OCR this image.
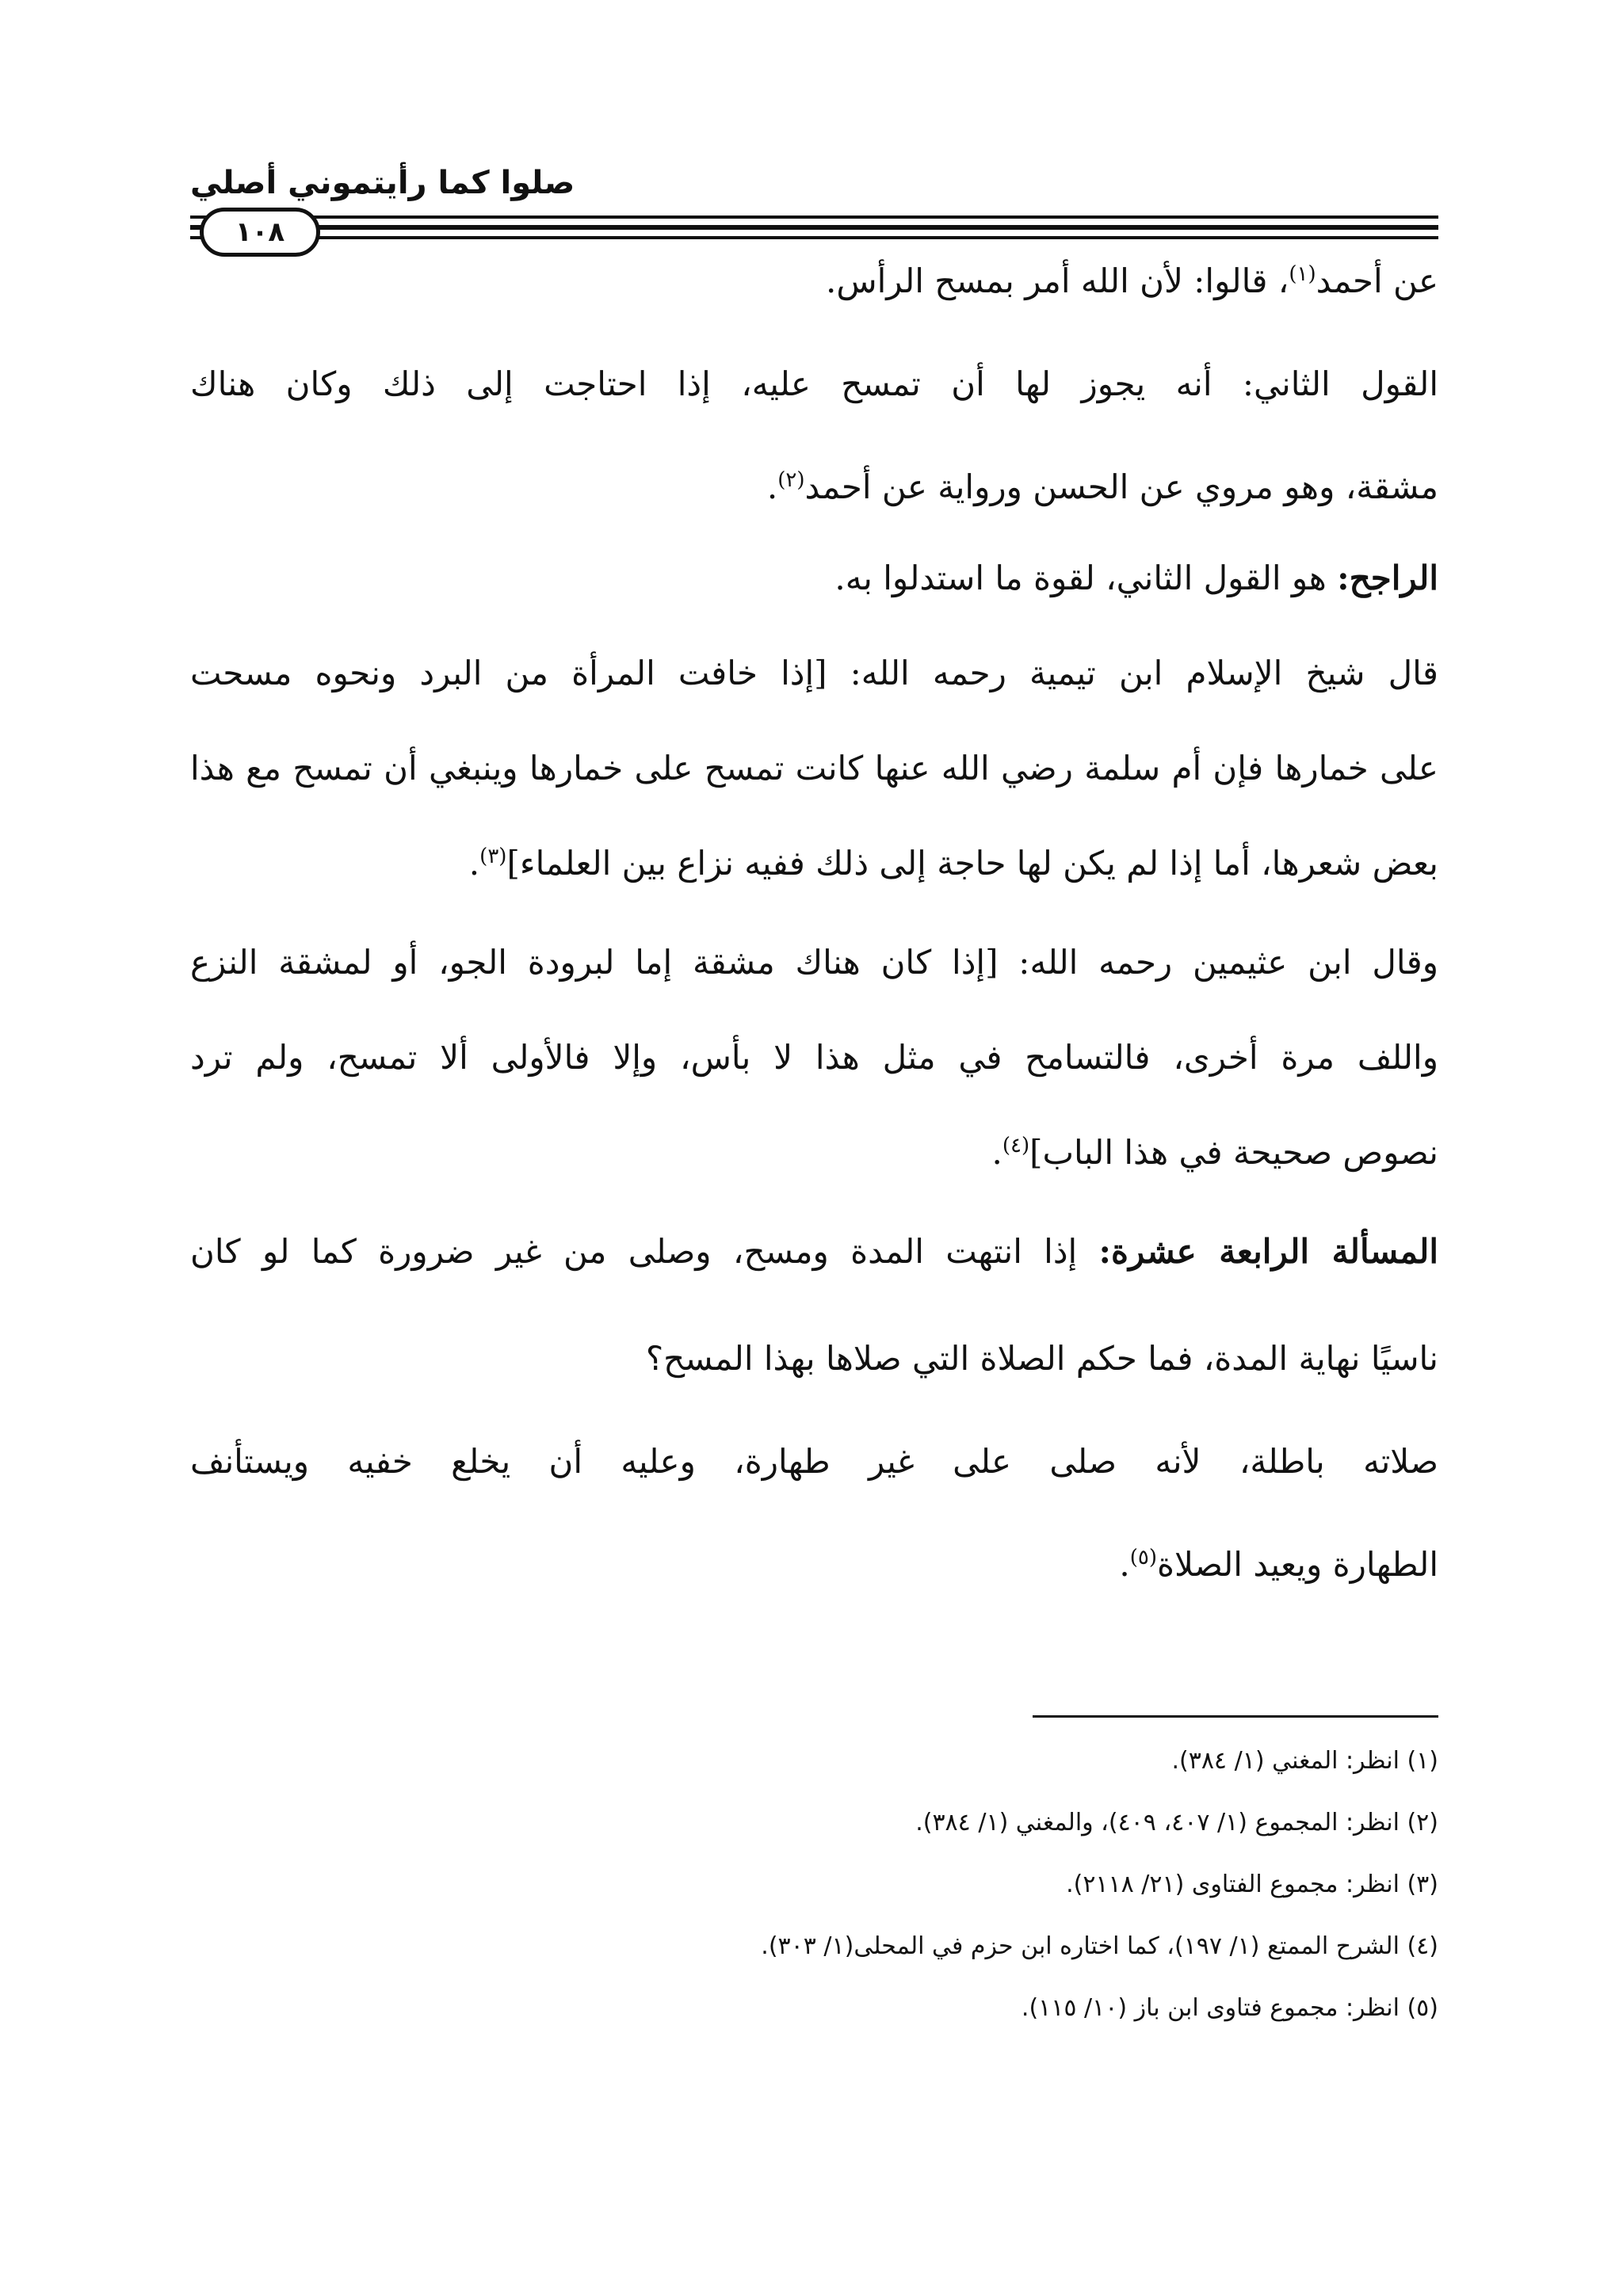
صلوا كما رأيتموني أصلي
١٠٨
عن أحمد$^{(١)}$، قالوا: لأن الله أمر بمسح الرأس.
القول الثاني: أنه يجوز لها أن تمسح عليه، إذا احتاجت إلى ذلك وكان هناك
مشقة، وهو مروي عن الحسن ورواية عن أحمد$^{(٢)}$.
الراجح: هو القول الثاني، لقوة ما استدلوا به.
قال شيخ الإسلام ابن تيمية رحمه الله: [إذا خافت المرأة من البرد ونحوه مسحت
على خمارها فإن أم سلمة رضي الله عنها كانت تمسح على خمارها وينبغي أن تمسح مع هذا
بعض شعرها، أما إذا لم يكن لها حاجة إلى ذلك ففيه نزاع بين العلماء]$^{(٣)}$.
وقال ابن عثيمين رحمه الله: [إذا كان هناك مشقة إما لبرودة الجو، أو لمشقة النزع
واللف مرة أخرى، فالتسامح في مثل هذا لا بأس، وإلا فالأولى ألا تمسح، ولم ترد
نصوص صحيحة في هذا الباب]$^{(٤)}$.
المسألة الرابعة عشرة: إذا انتهت المدة ومسح، وصلى من غير ضرورة كما لو كان
ناسيًا نهاية المدة، فما حكم الصلاة التي صلاها بهذا المسح؟
صلاته باطلة، لأنه صلى على غير طهارة، وعليه أن يخلع خفيه ويستأنف
الطهارة ويعيد الصلاة$^{(٥)}$.
(١) انظر: المغني (١/ ٣٨٤).
(٢) انظر: المجموع (١/ ٤٠٧، ٤٠٩)، والمغني (١/ ٣٨٤).
(٣) انظر: مجموع الفتاوى (٢١/ ٢١١٨).
(٤) الشرح الممتع (١/ ١٩٧)، كما اختاره ابن حزم في المحلى(١/ ٣٠٣).
(٥) انظر: مجموع فتاوى ابن باز (١٠/ ١١٥).
